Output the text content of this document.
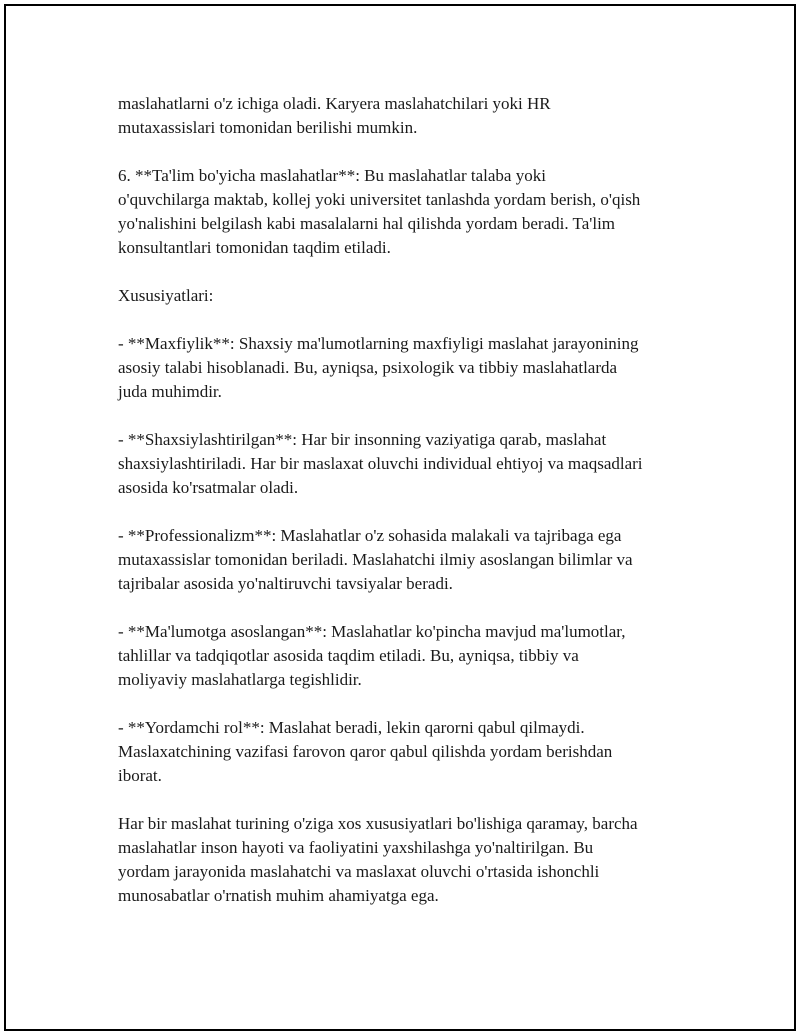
maslahatlarni o'z ichiga oladi. Karyera maslahatchilari yoki HR
mutaxassislari tomonidan berilishi mumkin.

6. **Ta'lim bo'yicha maslahatlar**: Bu maslahatlar talaba yoki
o'quvchilarga maktab, kollej yoki universitet tanlashda yordam berish, o'qish
yo'nalishini belgilash kabi masalalarni hal qilishda yordam beradi. Ta'lim
konsultantlari tomonidan taqdim etiladi.

Xususiyatlari:

- **Maxfiylik**: Shaxsiy ma'lumotlarning maxfiyligi maslahat jarayonining
asosiy talabi hisoblanadi. Bu, ayniqsa, psixologik va tibbiy maslahatlarda
juda muhimdir.

- **Shaxsiylashtirilgan**: Har bir insonning vaziyatiga qarab, maslahat
shaxsiylashtiriladi. Har bir maslaxat oluvchi individual ehtiyoj va maqsadlari
asosida ko'rsatmalar oladi.

- **Professionalizm**: Maslahatlar o'z sohasida malakali va tajribaga ega
mutaxassislar tomonidan beriladi. Maslahatchi ilmiy asoslangan bilimlar va
tajribalar asosida yo'naltiruvchi tavsiyalar beradi.

- **Ma'lumotga asoslangan**: Maslahatlar ko'pincha mavjud ma'lumotlar,
tahlillar va tadqiqotlar asosida taqdim etiladi. Bu, ayniqsa, tibbiy va
moliyaviy maslahatlarga tegishlidir.

- **Yordamchi rol**: Maslahat beradi, lekin qarorni qabul qilmaydi.
Maslaxatchining vazifasi farovon qaror qabul qilishda yordam berishdan
iborat.

Har bir maslahat turining o'ziga xos xususiyatlari bo'lishiga qaramay, barcha
maslahatlar inson hayoti va faoliyatini yaxshilashga yo'naltirilgan. Bu
yordam jarayonida maslahatchi va maslaxat oluvchi o'rtasida ishonchli
munosabatlar o'rnatish muhim ahamiyatga ega.
